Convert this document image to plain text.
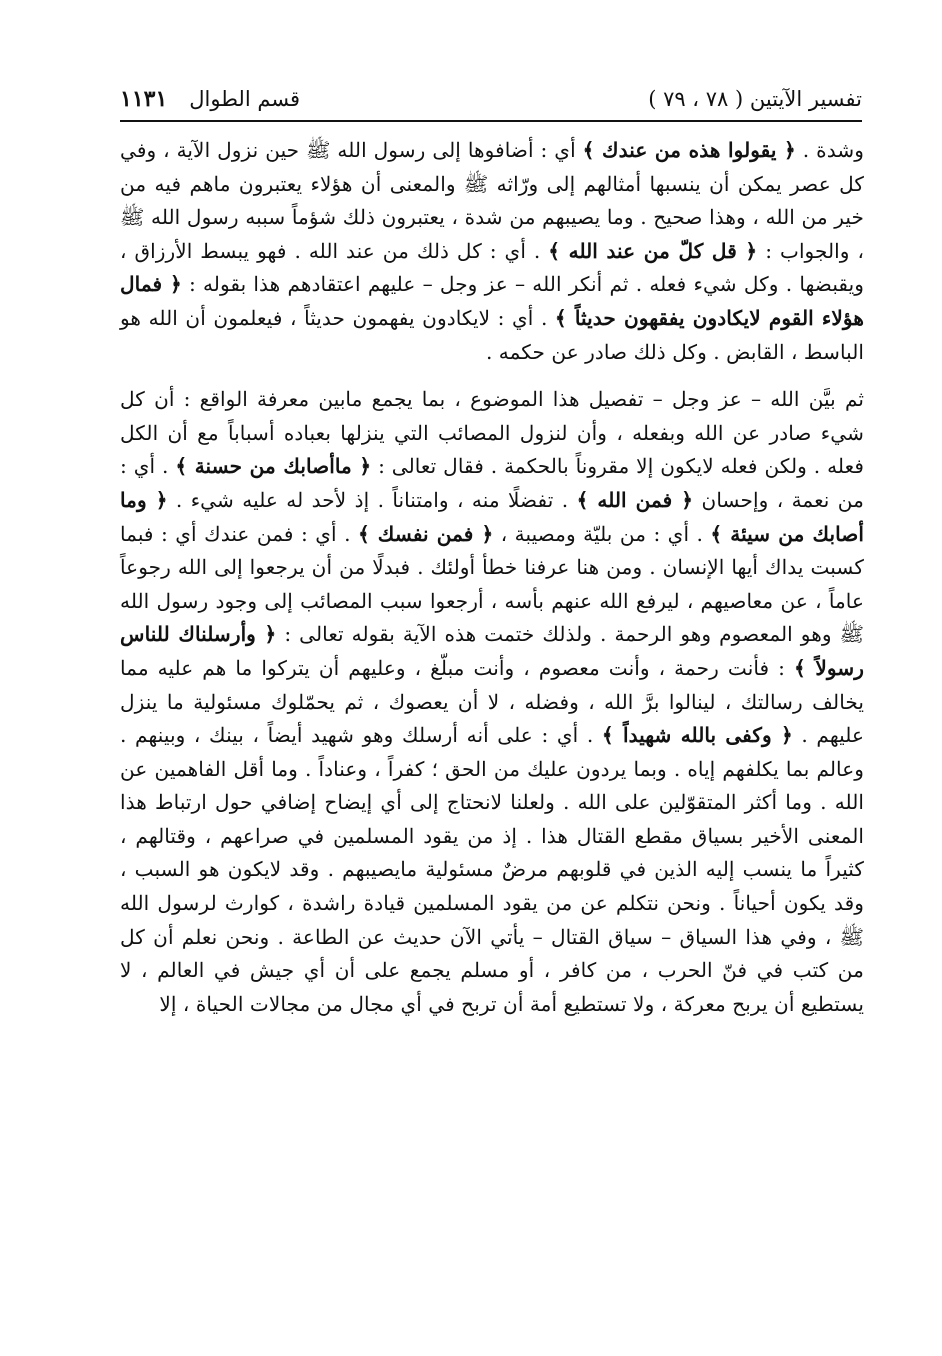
تفسير الآيتين ( ٧٨ ، ٧٩ )
قسم الطوال
١١٣١

وشدة . ﴿ يقولوا هذه من عندك ﴾ أي : أضافوها إلى رسول الله ﷺ حين نزول الآية ، وفي كل عصر يمكن أن ينسبها أمثالهم إلى ورّاثه ﷺ والمعنى أن هؤلاء يعتبرون ماهم فيه من خير من الله ، وهذا صحيح . وما يصيبهم من شدة ، يعتبرون ذلك شؤماً سببه رسول الله ﷺ ، والجواب : ﴿ قل كلّ من عند الله ﴾ . أي : كل ذلك من عند الله . فهو يبسط الأرزاق ، ويقبضها . وكل شيء فعله . ثم أنكر الله – عز وجل – عليهم اعتقادهم هذا بقوله : ﴿ فمال هؤلاء القوم لايكادون يفقهون حديثاً ﴾ . أي : لايكادون يفهمون حديثاً ، فيعلمون أن الله هو الباسط ، القابض . وكل ذلك صادر عن حكمه .

ثم بيَّن الله – عز وجل – تفصيل هذا الموضوع ، بما يجمع مابين معرفة الواقع : أن كل شيء صادر عن الله وبفعله ، وأن لنزول المصائب التي ينزلها بعباده أسباباً مع أن الكل فعله . ولكن فعله لايكون إلا مقروناً بالحكمة . فقال تعالى : ﴿ ماأصابك من حسنة ﴾ . أي : من نعمة ، وإحسان ﴿ فمن الله ﴾ . تفضلًا منه ، وامتناناً . إذ لأحد له عليه شيء . ﴿ وما أصابك من سيئة ﴾ . أي : من بليّة ومصيبة ، ﴿ فمن نفسك ﴾ . أي : فمن عندك أي : فبما كسبت يداك أيها الإنسان . ومن هنا عرفنا خطأ أولئك . فبدلًا من أن يرجعوا إلى الله رجوعاً عاماً ، عن معاصيهم ، ليرفع الله عنهم بأسه ، أرجعوا سبب المصائب إلى وجود رسول الله ﷺ وهو المعصوم وهو الرحمة . ولذلك ختمت هذه الآية بقوله تعالى : ﴿ وأرسلناك للناس رسولاً ﴾ : فأنت رحمة ، وأنت معصوم ، وأنت مبلّغ ، وعليهم أن يتركوا ما هم عليه مما يخالف رسالتك ، لينالوا برَّ الله ، وفضله ، لا أن يعصوك ، ثم يحمّلوك مسئولية ما ينزل عليهم . ﴿ وكفى بالله شهيداً ﴾ . أي : على أنه أرسلك وهو شهيد أيضاً ، بينك ، وبينهم . وعالم بما يكلفهم إياه . وبما يردون عليك من الحق ؛ كفراً ، وعناداً . وما أقل الفاهمين عن الله . وما أكثر المتقوّلين على الله . ولعلنا لانحتاج إلى أي إيضاح إضافي حول ارتباط هذا المعنى الأخير بسياق مقطع القتال هذا . إذ من يقود المسلمين في صراعهم ، وقتالهم ، كثيراً ما ينسب إليه الذين في قلوبهم مرضٌ مسئولية مايصيبهم . وقد لايكون هو السبب ، وقد يكون أحياناً . ونحن نتكلم عن من يقود المسلمين قيادة راشدة ، كوارث لرسول الله ﷺ ، وفي هذا السياق – سياق القتال – يأتي الآن حديث عن الطاعة . ونحن نعلم أن كل من كتب في فنّ الحرب ، من كافر ، أو مسلم يجمع على أن أي جيش في العالم ، لا يستطيع أن يربح معركة ، ولا تستطيع أمة أن تربح في أي مجال من مجالات الحياة ، إلا
